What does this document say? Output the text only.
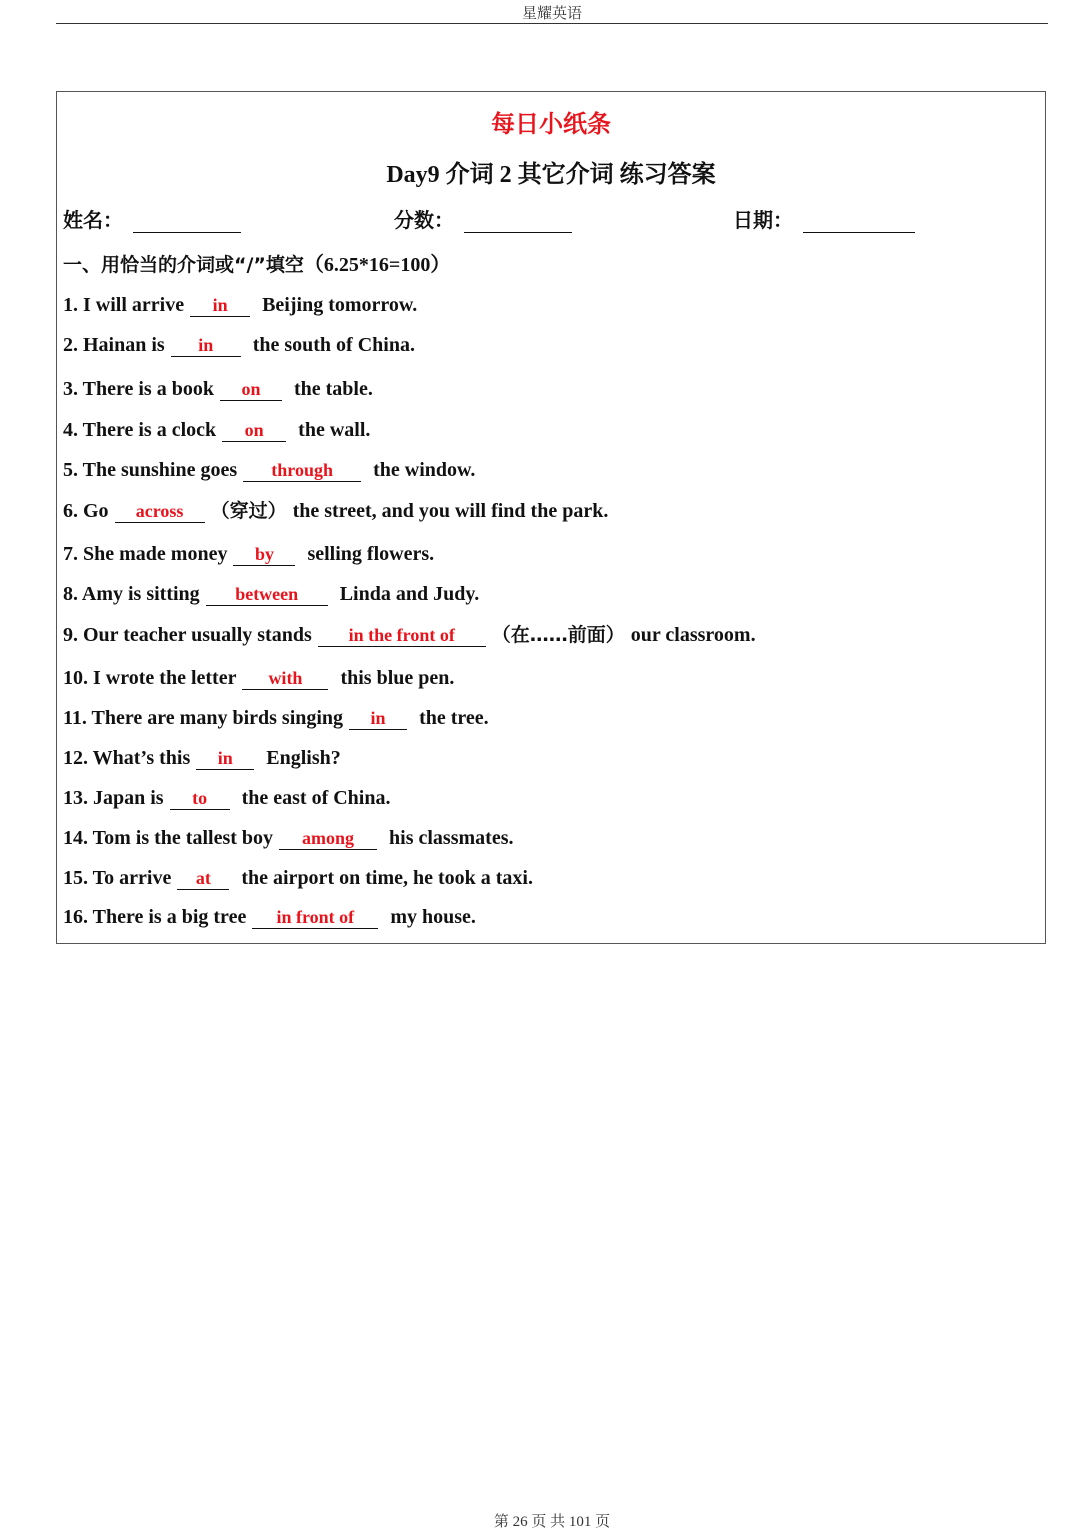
星耀英语
每日小纸条
Day9 介词 2 其它介词 练习答案
姓名：	分数：	日期：
一、用恰当的介词或“/”填空（6.25*16=100）
1. I will arrive in Beijing tomorrow.
2. Hainan is in the south of China.
3. There is a book on the table.
4. There is a clock on the wall.
5. The sunshine goes through the window.
6. Go across （穿过） the street, and you will find the park.
7. She made money by selling flowers.
8. Amy is sitting between Linda and Judy.
9. Our teacher usually stands in the front of （在……前面） our classroom.
10. I wrote the letter with this blue pen.
11. There are many birds singing in the tree.
12. What’s this in English?
13. Japan is to the east of China.
14. Tom is the tallest boy among his classmates.
15. To arrive at the airport on time, he took a taxi.
16. There is a big tree in front of my house.
第 26 页 共 101 页
